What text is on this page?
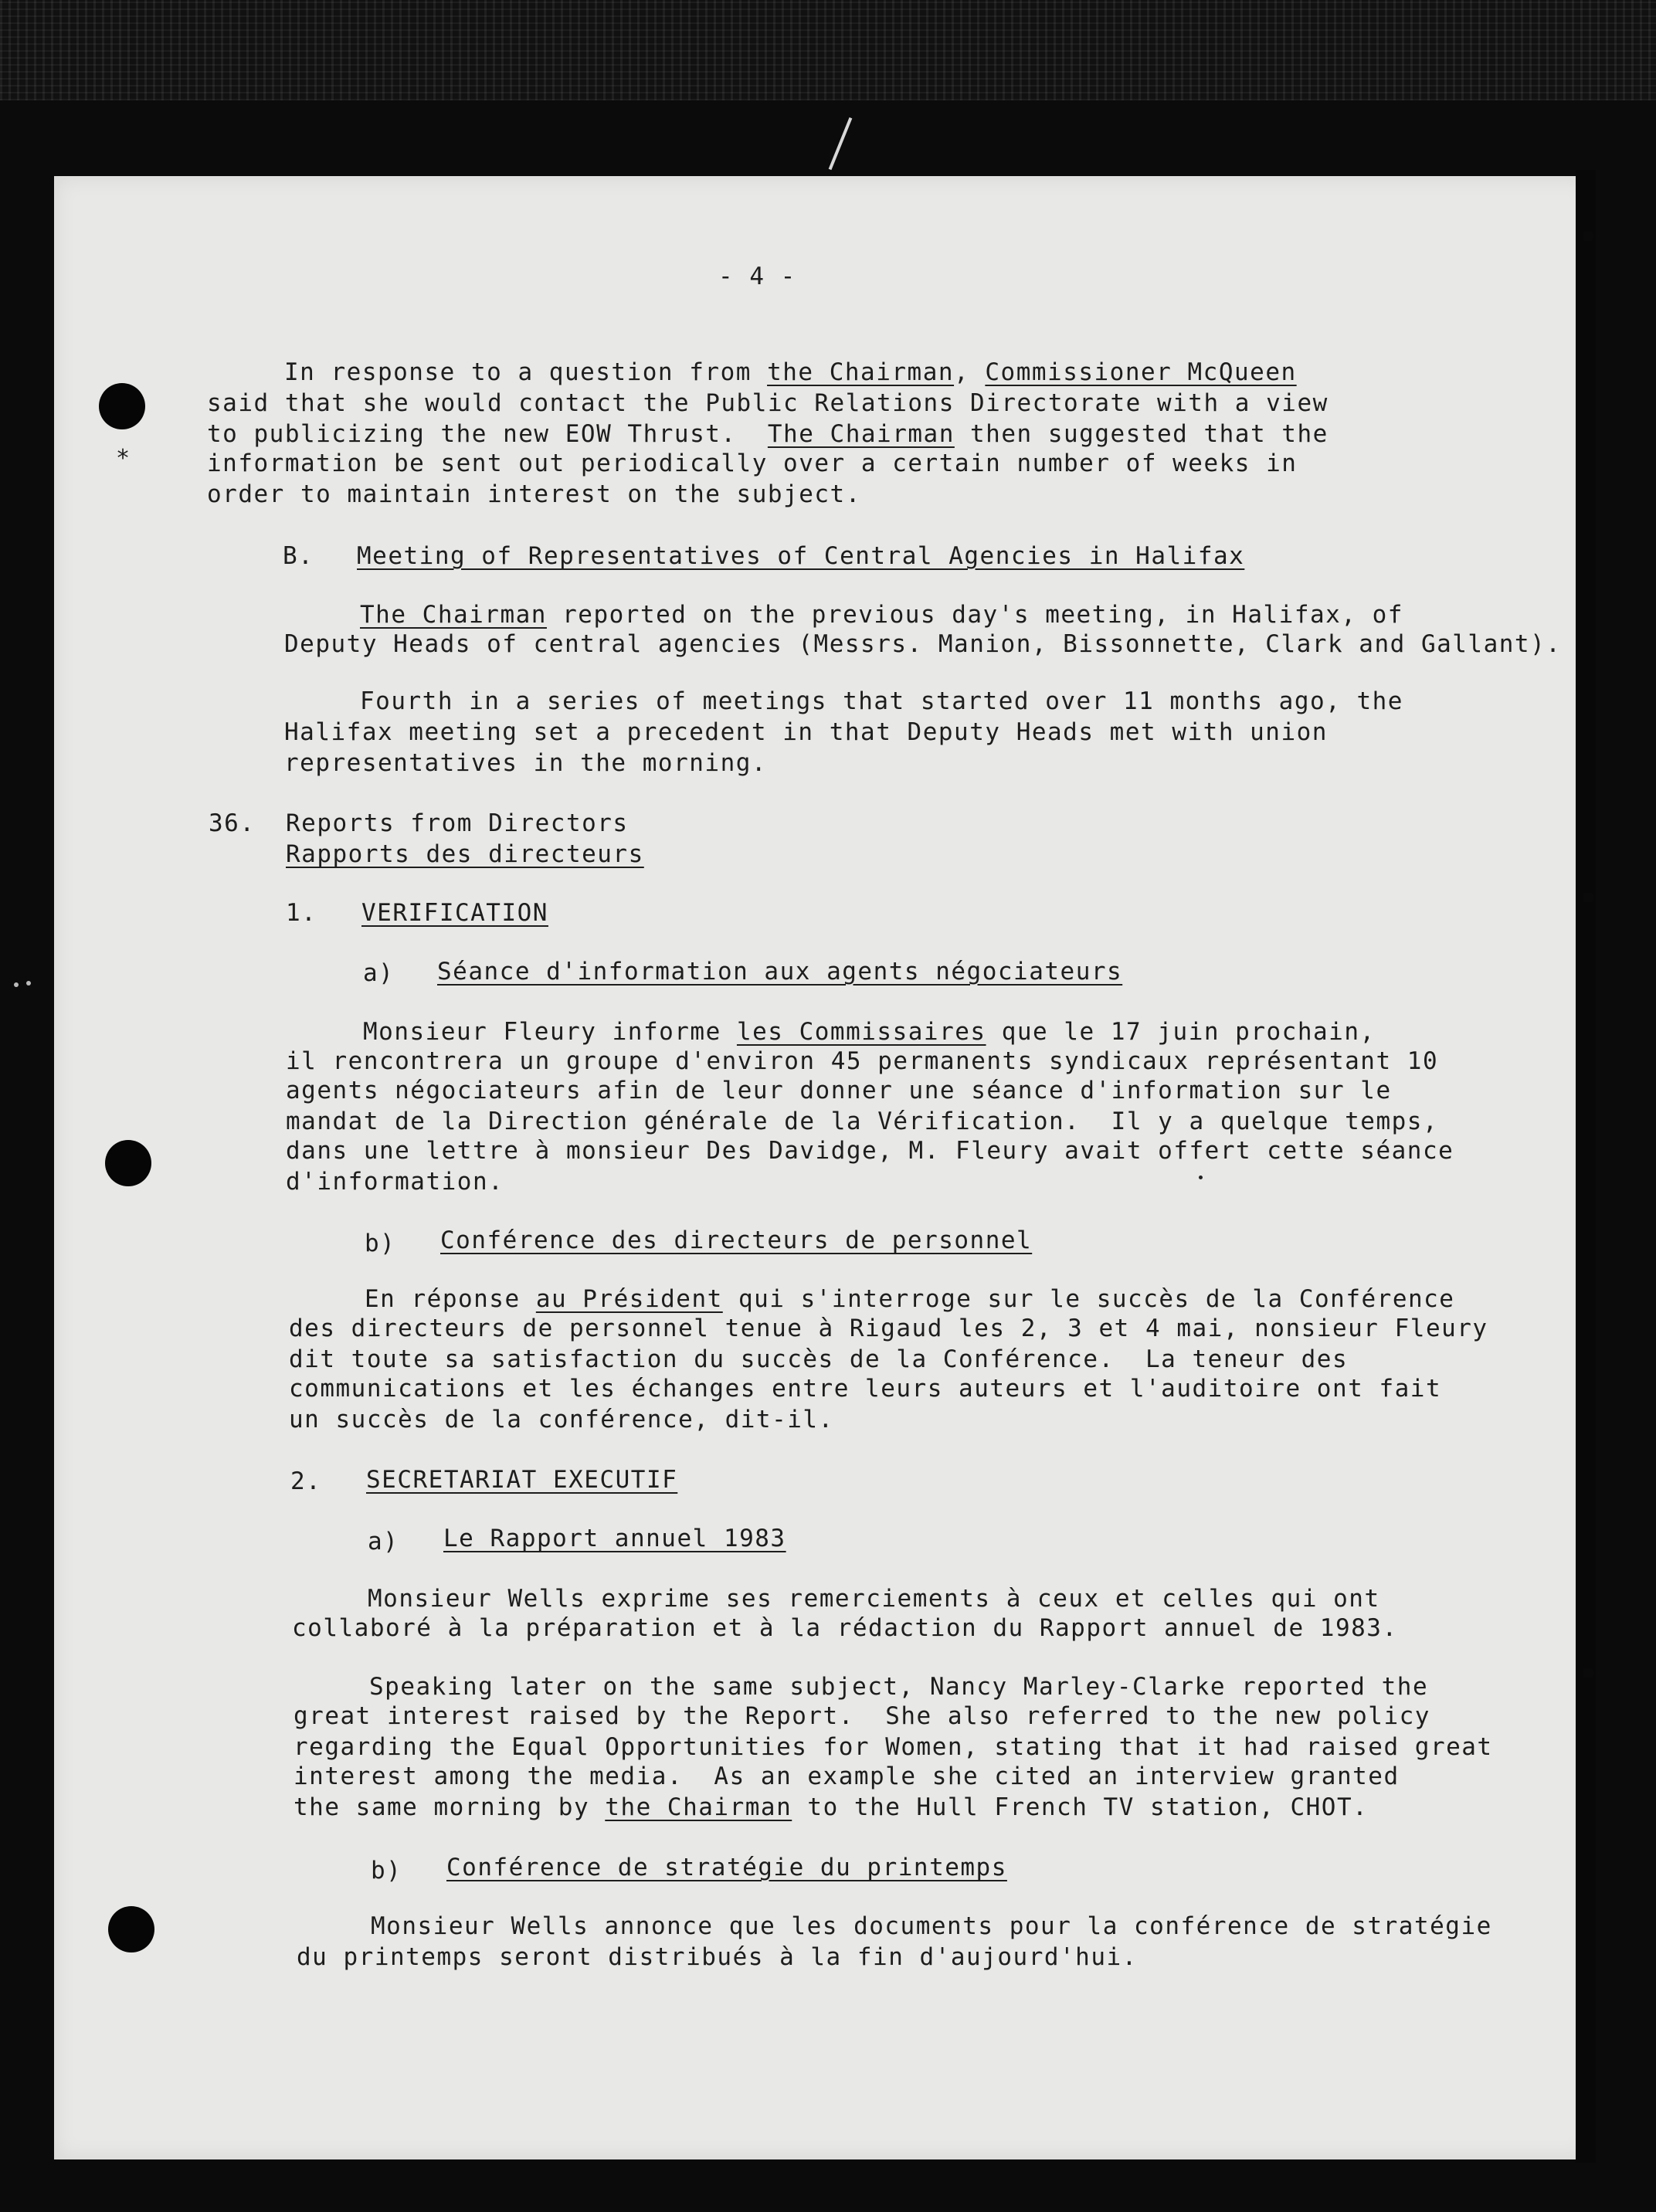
- 4 -

*

In response to a question from the Chairman, Commissioner McQueen

said that she would contact the Public Relations Directorate with a view

to publicizing the new EOW Thrust.  The Chairman then suggested that the

information be sent out periodically over a certain number of weeks in

order to maintain interest on the subject.

B. Meeting of Representatives of Central Agencies in Halifax

The Chairman reported on the previous day's meeting, in Halifax, of

Deputy Heads of central agencies (Messrs. Manion, Bissonnette, Clark and Gallant).

Fourth in a series of meetings that started over 11 months ago, the

Halifax meeting set a precedent in that Deputy Heads met with union

representatives in the morning.

36. Reports from Directors

Rapports des directeurs

1. VERIFICATION

a) Séance d'information aux agents négociateurs

Monsieur Fleury informe les Commissaires que le 17 juin prochain,

il rencontrera un groupe d'environ 45 permanents syndicaux représentant 10

agents négociateurs afin de leur donner une séance d'information sur le

mandat de la Direction générale de la Vérification.  Il y a quelque temps,

dans une lettre à monsieur Des Davidge, M. Fleury avait offert cette séance

d'information.

b) Conférence des directeurs de personnel

En réponse au Président qui s'interroge sur le succès de la Conférence

des directeurs de personnel tenue à Rigaud les 2, 3 et 4 mai, nonsieur Fleury

dit toute sa satisfaction du succès de la Conférence.  La teneur des

communications et les échanges entre leurs auteurs et l'auditoire ont fait

un succès de la conférence, dit-il.

2. SECRETARIAT EXECUTIF

a) Le Rapport annuel 1983

Monsieur Wells exprime ses remerciements à ceux et celles qui ont

collaboré à la préparation et à la rédaction du Rapport annuel de 1983.

Speaking later on the same subject, Nancy Marley-Clarke reported the

great interest raised by the Report.  She also referred to the new policy

regarding the Equal Opportunities for Women, stating that it had raised great

interest among the media.  As an example she cited an interview granted

the same morning by the Chairman to the Hull French TV station, CHOT.

b) Conférence de stratégie du printemps

Monsieur Wells annonce que les documents pour la conférence de stratégie

du printemps seront distribués à la fin d'aujourd'hui.
